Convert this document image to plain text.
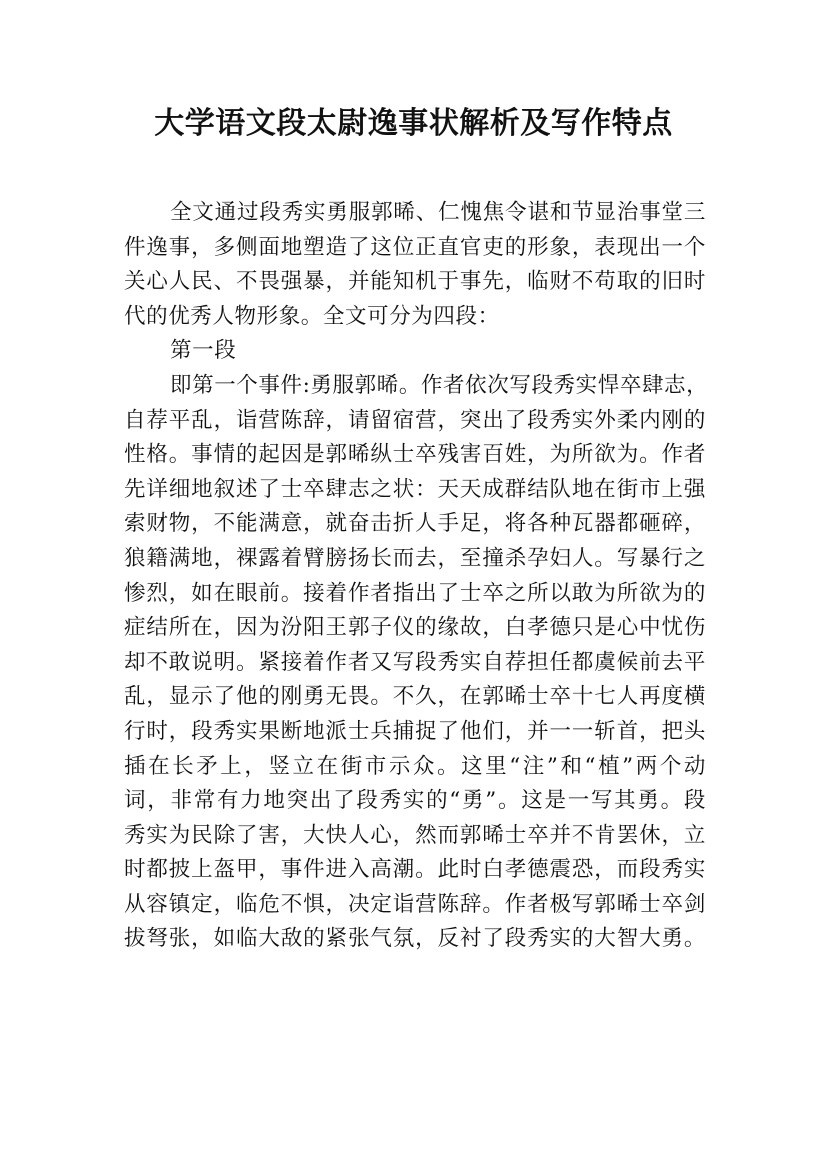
大学语文段太尉逸事状解析及写作特点
全文通过段秀实勇服郭晞、仁愧焦令谌和节显治事堂三
件逸事，多侧面地塑造了这位正直官吏的形象，表现出一个
关心人民、不畏强暴，并能知机于事先，临财不苟取的旧时
代的优秀人物形象。全文可分为四段：
第一段
即第一个事件:勇服郭晞。作者依次写段秀实悍卒肆志，
自荐平乱，诣营陈辞，请留宿营，突出了段秀实外柔内刚的
性格。事情的起因是郭晞纵士卒残害百姓，为所欲为。作者
先详细地叙述了士卒肆志之状：天天成群结队地在街市上强
索财物，不能满意，就奋击折人手足，将各种瓦器都砸碎，
狼籍满地，裸露着臂膀扬长而去，至撞杀孕妇人。写暴行之
惨烈，如在眼前。接着作者指出了士卒之所以敢为所欲为的
症结所在，因为汾阳王郭子仪的缘故，白孝德只是心中忧伤
却不敢说明。紧接着作者又写段秀实自荐担任都虞候前去平
乱，显示了他的刚勇无畏。不久，在郭晞士卒十七人再度横
行时，段秀实果断地派士兵捕捉了他们，并一一斩首，把头
插在长矛上，竖立在街市示众。这里“注”和“植”两个动
词，非常有力地突出了段秀实的“勇”。这是一写其勇。段
秀实为民除了害，大快人心，然而郭晞士卒并不肯罢休，立
时都披上盔甲，事件进入高潮。此时白孝德震恐，而段秀实
从容镇定，临危不惧，决定诣营陈辞。作者极写郭晞士卒剑
拔弩张，如临大敌的紧张气氛，反衬了段秀实的大智大勇。
